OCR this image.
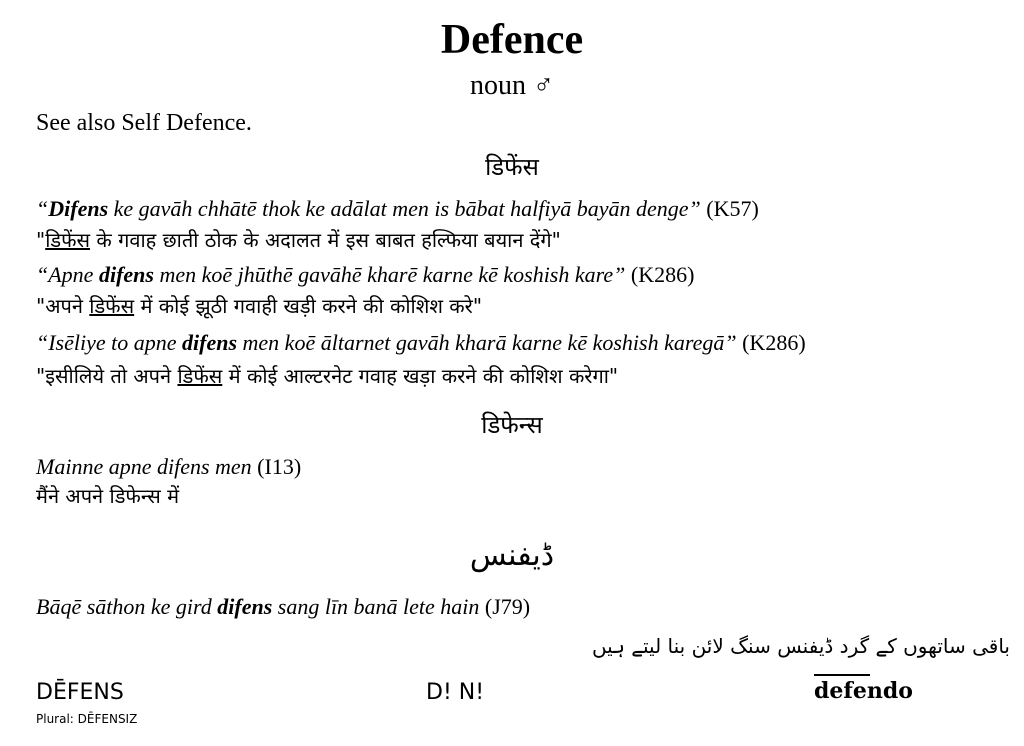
Defence
noun ♂
See also Self Defence.
डिफेंस
“Difens ke gavāh chhātē thok ke adālat men is bābat halfiyā bayān denge” (K57)
"डिफेंस के गवाह छाती ठोक के अदालत में इस बाबत हल्फिया बयान देंगे"
“Apne difens men koē jhūthē gavāhē kharē karne kē koshish kare” (K286)
"अपने डिफेंस में कोई झूठी गवाही खड़ी करने की कोशिश करे"
“Isēliye to apne difens men koē āltarnet gavāh kharā karne kē koshish karegā” (K286)
"इसीलिये तो अपने डिफेंस में कोई आल्टरनेट गवाह खड़ा करने की कोशिश करेगा"
डिफेन्स
Mainne apne difens men (I13)
मैंने अपने डिफेन्स में
ڈیفنس
Bāqē sāthon ke gird difens sang līn banā lete hain (J79)
باقی ساتھوں کے گرد ڈیفنس سنگ لائن بنا لیتے ہیں
DĒFENS
Plural: DĒFENSIZ
D! N!	defendo
